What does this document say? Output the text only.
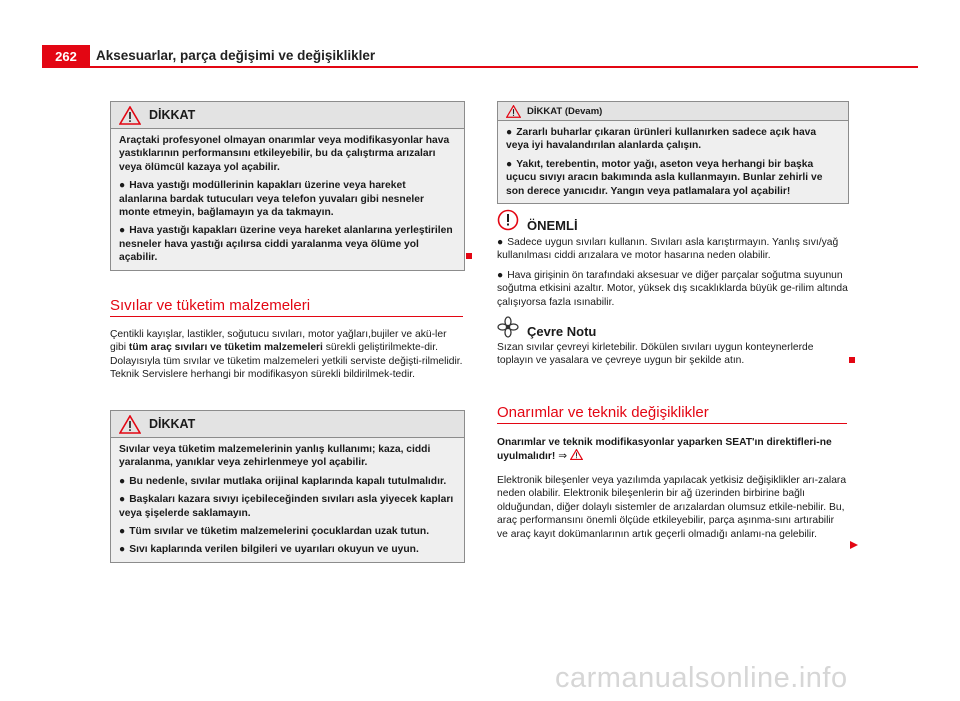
262	Aksesuarlar, parça değişimi ve değişiklikler
DİKKAT

Araçtaki profesyonel olmayan onarımlar veya modifikasyonlar hava yastıklarının performansını etkileyebilir, bu da çalıştırma arızaları veya ölümcül kazaya yol açabilir.

● Hava yastığı modüllerinin kapakları üzerine veya hareket alanlarına bardak tutucuları veya telefon yuvaları gibi nesneler monte etmeyin, bağlamayın ya da takmayın.

● Hava yastığı kapakları üzerine veya hareket alanlarına yerleştirilen nesneler hava yastığı açılırsa ciddi yaralanma veya ölüme yol açabilir.

Sıvılar ve tüketim malzemeleri
Çentikli kayışlar, lastikler, soğutucu sıvıları, motor yağları,bujiler ve akü-ler gibi tüm araç sıvıları ve tüketim malzemeleri sürekli geliştirilmekte-dir. Dolayısıyla tüm sıvılar ve tüketim malzemeleri yetkili serviste değişti-rilmelidir. Teknik Servislere herhangi bir modifikasyon sürekli bildirilmek-tedir.
DİKKAT

Sıvılar veya tüketim malzemelerinin yanlış kullanımı; kaza, ciddi yaralanma, yanıklar veya zehirlenmeye yol açabilir.

● Bu nedenle, sıvılar mutlaka orijinal kaplarında kapalı tutulmalıdır.

● Başkaları kazara sıvıyı içebileceğinden sıvıları asla yiyecek kapları veya şişelerde saklamayın.

● Tüm sıvılar ve tüketim malzemelerini çocuklardan uzak tutun.

● Sıvı kaplarında verilen bilgileri ve uyarıları okuyun ve uyun.

DİKKAT (Devam)

● Zararlı buharlar çıkaran ürünleri kullanırken sadece açık hava veya iyi havalandırılan alanlarda çalışın.

● Yakıt, terebentin, motor yağı, aseton veya herhangi bir başka uçucu sıvıyı aracın bakımında asla kullanmayın. Bunlar zehirli ve son derece yanıcıdır. Yangın veya patlamalara yol açabilir!

ÖNEMLİ

● Sadece uygun sıvıları kullanın. Sıvıları asla karıştırmayın. Yanlış sıvı/yağ kullanılması ciddi arızalara ve motor hasarına neden olabilir.

● Hava girişinin ön tarafındaki aksesuar ve diğer parçalar soğutma suyunun soğutma etkisini azaltır. Motor, yüksek dış sıcaklıklarda büyük ge-rilim altında çalışıyorsa fazla ısınabilir.

Çevre Notu
Sızan sıvılar çevreyi kirletebilir. Dökülen sıvıları uygun konteynerlerde toplayın ve yasalara ve çevreye uygun bir şekilde atın.
Onarımlar ve teknik değişiklikler
Onarımlar ve teknik modifikasyonlar yaparken SEAT'ın direktifleri-ne uyulmalıdır! ⇒
Elektronik bileşenler veya yazılımda yapılacak yetkisiz değişiklikler arı-zalara neden olabilir. Elektronik bileşenlerin bir ağ üzerinden birbirine bağlı olduğundan, diğer dolaylı sistemler de arızalardan olumsuz etkile-nebilir. Bu, araç performansını önemli ölçüde etkileyebilir, parça aşınma-sını artırabilir ve araç kayıt dokümanlarının artık geçerli olmadığı anlamı-na gelebilir.
carmanualsonline.info
